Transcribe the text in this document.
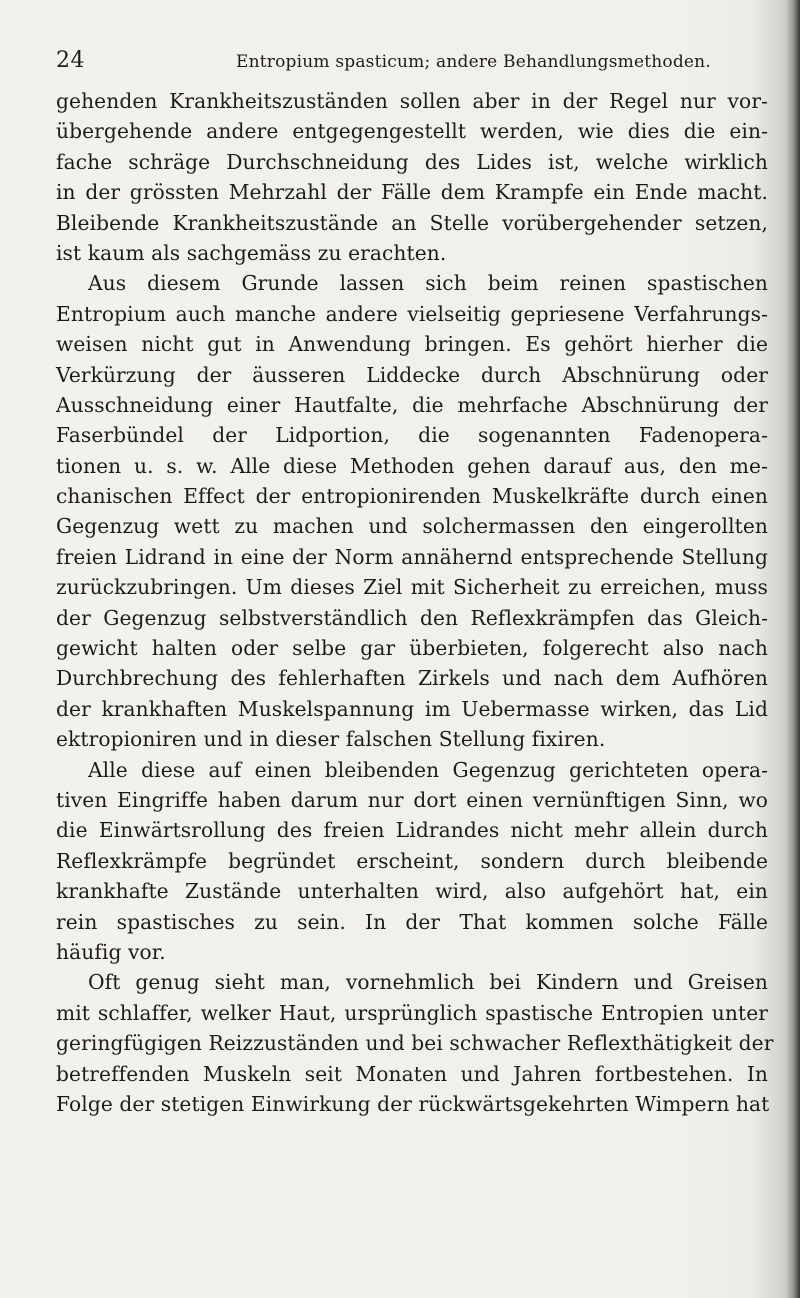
24	Entropium spasticum; andere Behandlungsmethoden.
gehenden Krankheitszuständen sollen aber in der Regel nur vor-
übergehende andere entgegengestellt werden, wie dies die ein-
fache schräge Durchschneidung des Lides ist, welche wirklich
in der grössten Mehrzahl der Fälle dem Krampfe ein Ende macht.
Bleibende Krankheitszustände an Stelle vorübergehender setzen,
ist kaum als sachgemäss zu erachten.
Aus diesem Grunde lassen sich beim reinen spastischen
Entropium auch manche andere vielseitig gepriesene Verfahrungs-
weisen nicht gut in Anwendung bringen. Es gehört hierher die
Verkürzung der äusseren Liddecke durch Abschnürung oder
Ausschneidung einer Hautfalte, die mehrfache Abschnürung der
Faserbündel der Lidportion, die sogenannten Fadenopera-
tionen u. s. w. Alle diese Methoden gehen darauf aus, den me-
chanischen Effect der entropionirenden Muskelkräfte durch einen
Gegenzug wett zu machen und solchermassen den eingerollten
freien Lidrand in eine der Norm annähernd entsprechende Stellung
zurückzubringen. Um dieses Ziel mit Sicherheit zu erreichen, muss
der Gegenzug selbstverständlich den Reflexkrämpfen das Gleich-
gewicht halten oder selbe gar überbieten, folgerecht also nach
Durchbrechung des fehlerhaften Zirkels und nach dem Aufhören
der krankhaften Muskelspannung im Uebermasse wirken, das Lid
ektropioniren und in dieser falschen Stellung fixiren.
Alle diese auf einen bleibenden Gegenzug gerichteten opera-
tiven Eingriffe haben darum nur dort einen vernünftigen Sinn, wo
die Einwärtsrollung des freien Lidrandes nicht mehr allein durch
Reflexkrämpfe begründet erscheint, sondern durch bleibende
krankhafte Zustände unterhalten wird, also aufgehört hat, ein
rein spastisches zu sein. In der That kommen solche Fälle
häufig vor.
Oft genug sieht man, vornehmlich bei Kindern und Greisen
mit schlaffer, welker Haut, ursprünglich spastische Entropien unter
geringfügigen Reizzuständen und bei schwacher Reflexthätigkeit der
betreffenden Muskeln seit Monaten und Jahren fortbestehen. In
Folge der stetigen Einwirkung der rückwärtsgekehrten Wimpern hat
